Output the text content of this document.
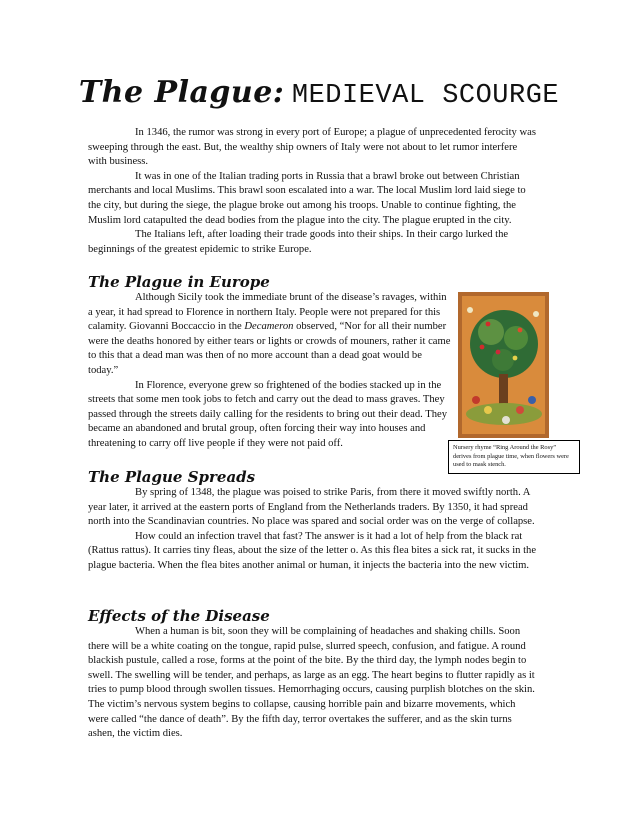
The Plague: MEDIEVAL SCOURGE

In 1346, the rumor was strong in every port of Europe; a plague of unprecedented ferocity was sweeping through the east. But, the wealthy ship owners of Italy were not about to let rumor interfere with business.

It was in one of the Italian trading ports in Russia that a brawl broke out between Christian merchants and local Muslims. This brawl soon escalated into a war. The local Muslim lord laid siege to the city, but during the siege, the plague broke out among his troops. Unable to continue fighting, the Muslim lord catapulted the dead bodies from the plague into the city. The plague erupted in the city.

The Italians left, after loading their trade goods into their ships. In their cargo lurked the beginnings of the greatest epidemic to strike Europe.

The Plague in Europe

Although Sicily took the immediate brunt of the disease’s ravages, within a year, it had spread to Florence in northern Italy. People were not prepared for this calamity. Giovanni Boccaccio in the Decameron observed, “Nor for all their number were the deaths honored by either tears or lights or crowds of mouners, rather it came to this that a dead man was then of no more account than a dead goat would be today.”

In Florence, everyone grew so frightened of the bodies stacked up in the streets that some men took jobs to fetch and carry out the dead to mass graves. They passed through the streets daily calling for the residents to bring out their dead. They became an abandoned and brutal group, often forcing their way into houses and threatening to carry off live people if they were not paid off.	Nursery rhyme “Ring Around the Rosy” derives from plague time, when flowers were used to mask stench.
The Plague Spreads

By spring of 1348, the plague was poised to strike Paris, from there it moved swiftly north. A year later, it arrived at the eastern ports of England from the Netherlands traders. By 1350, it had spread north into the Scandinavian countries. No place was spared and social order was on the verge of collapse.

How could an infection travel that fast? The answer is it had a lot of help from the black rat (Rattus rattus). It carries tiny fleas, about the size of the letter o. As this flea bites a sick rat, it sucks in the plague bacteria. When the flea bites another animal or human, it injects the bacteria into the new victim.

Effects of the Disease

When a human is bit, soon they will be complaining of headaches and shaking chills. Soon there will be a white coating on the tongue, rapid pulse, slurred speech, confusion, and fatigue. A round blackish pustule, called a rose, forms at the point of the bite. By the third day, the lymph nodes begin to swell. The swelling will be tender, and perhaps, as large as an egg. The heart begins to flutter rapidly as it tries to pump blood through swollen tissues. Hemorrhaging occurs, causing purplish blotches on the skin. The victim’s nervous system begins to collapse, causing horrible pain and bizarre movements, which were called “the dance of death”. By the fifth day, terror overtakes the sufferer, and as the skin turns ashen, the victim dies.
